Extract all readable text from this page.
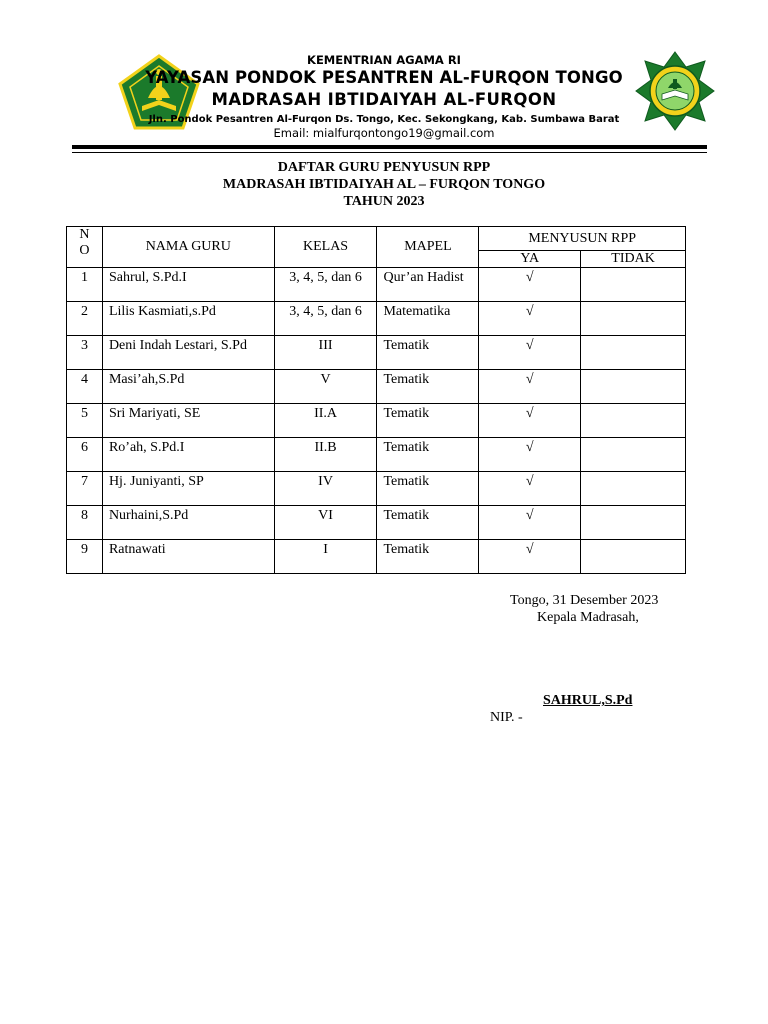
KEMENTRIAN AGAMA RI
YAYASAN PONDOK PESANTREN AL-FURQON TONGO
MADRASAH IBTIDAIYAH AL-FURQON
Jln. Pondok Pesantren Al-Furqon Ds. Tongo, Kec. Sekongkang, Kab. Sumbawa Barat
Email: mialfurqontongo19@gmail.com
DAFTAR GURU PENYUSUN RPP
MADRASAH IBTIDAIYAH AL – FURQON TONGO
TAHUN 2023
N
O	NAMA GURU	KELAS	MAPEL	MENYUSUN RPP	
				YA	TIDAK
1	Sahrul, S.Pd.I	3, 4, 5, dan 6	Qur’an Hadist	√	
2	Lilis Kasmiati,s.Pd	3, 4, 5, dan 6	Matematika	√	
3	Deni Indah Lestari, S.Pd	III	Tematik	√	
4	Masi’ah,S.Pd	V	Tematik	√	
5	Sri Mariyati, SE	II.A	Tematik	√	
6	Ro’ah, S.Pd.I	II.B	Tematik	√	
7	Hj. Juniyanti, SP	IV	Tematik	√	
8	Nurhaini,S.Pd	VI	Tematik	√	
9	Ratnawati	I	Tematik	√	
Tongo, 31 Desember 2023
Kepala Madrasah,
SAHRUL,S.Pd
NIP. -
